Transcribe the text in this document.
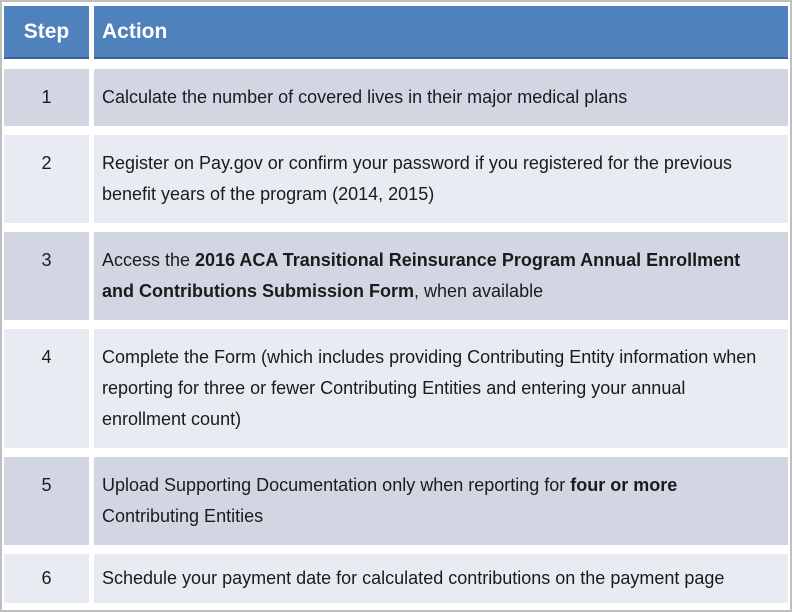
Step	Action
1	Calculate the number of covered lives in their major medical plans
2	Register on Pay.gov or confirm your password if you registered for the previous benefit years of the program (2014, 2015)
3	Access the 2016 ACA Transitional Reinsurance Program Annual Enrollment and Contributions Submission Form, when available
4	Complete the Form (which includes providing Contributing Entity information when reporting for three or fewer Contributing Entities and entering your annual enrollment count)
5	Upload Supporting Documentation only when reporting for four or more Contributing Entities
6	Schedule your payment date for calculated contributions on the payment page
